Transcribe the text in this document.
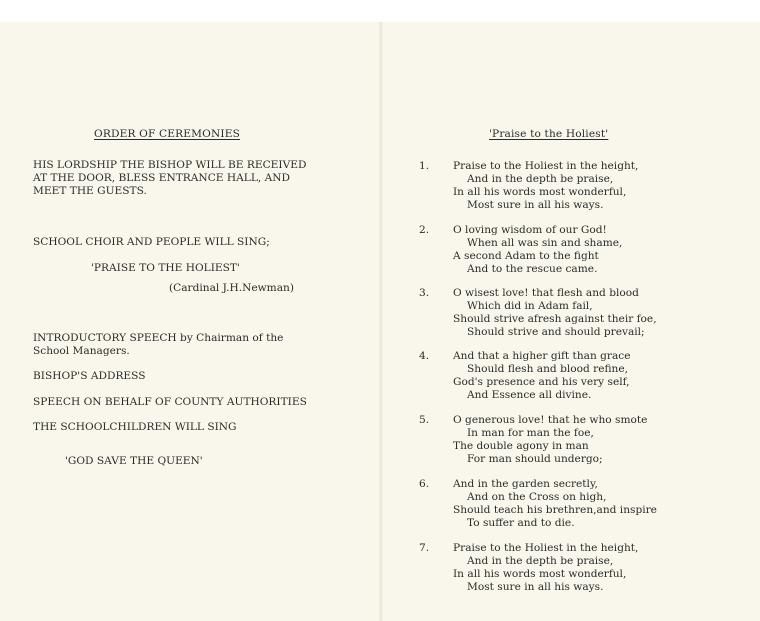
ORDER OF CEREMONIES
HIS LORDSHIP THE BISHOP WILL BE RECEIVED
AT THE DOOR, BLESS ENTRANCE HALL, AND
MEET THE GUESTS.
SCHOOL CHOIR AND PEOPLE WILL SING;
'PRAISE TO THE HOLIEST'
(Cardinal J.H.Newman)
INTRODUCTORY SPEECH by Chairman of the
School Managers.
BISHOP'S ADDRESS
SPEECH ON BEHALF OF COUNTY AUTHORITIES
THE SCHOOLCHILDREN WILL SING
'GOD SAVE THE QUEEN'
'Praise to the Holiest'
1. Praise to the Holiest in the height,
And in the depth be praise,
In all his words most wonderful,
Most sure in all his ways.
2. O loving wisdom of our God!
When all was sin and shame,
A second Adam to the fight
And to the rescue came.
3. O wisest love! that flesh and blood
Which did in Adam fail,
Should strive afresh against their foe,
Should strive and should prevail;
4. And that a higher gift than grace
Should flesh and blood refine,
God's presence and his very self,
And Essence all divine.
5. O generous love! that he who smote
In man for man the foe,
The double agony in man
For man should undergo;
6. And in the garden secretly,
And on the Cross on high,
Should teach his brethren,and inspire
To suffer and to die.
7. Praise to the Holiest in the height,
And in the depth be praise,
In all his words most wonderful,
Most sure in all his ways.
